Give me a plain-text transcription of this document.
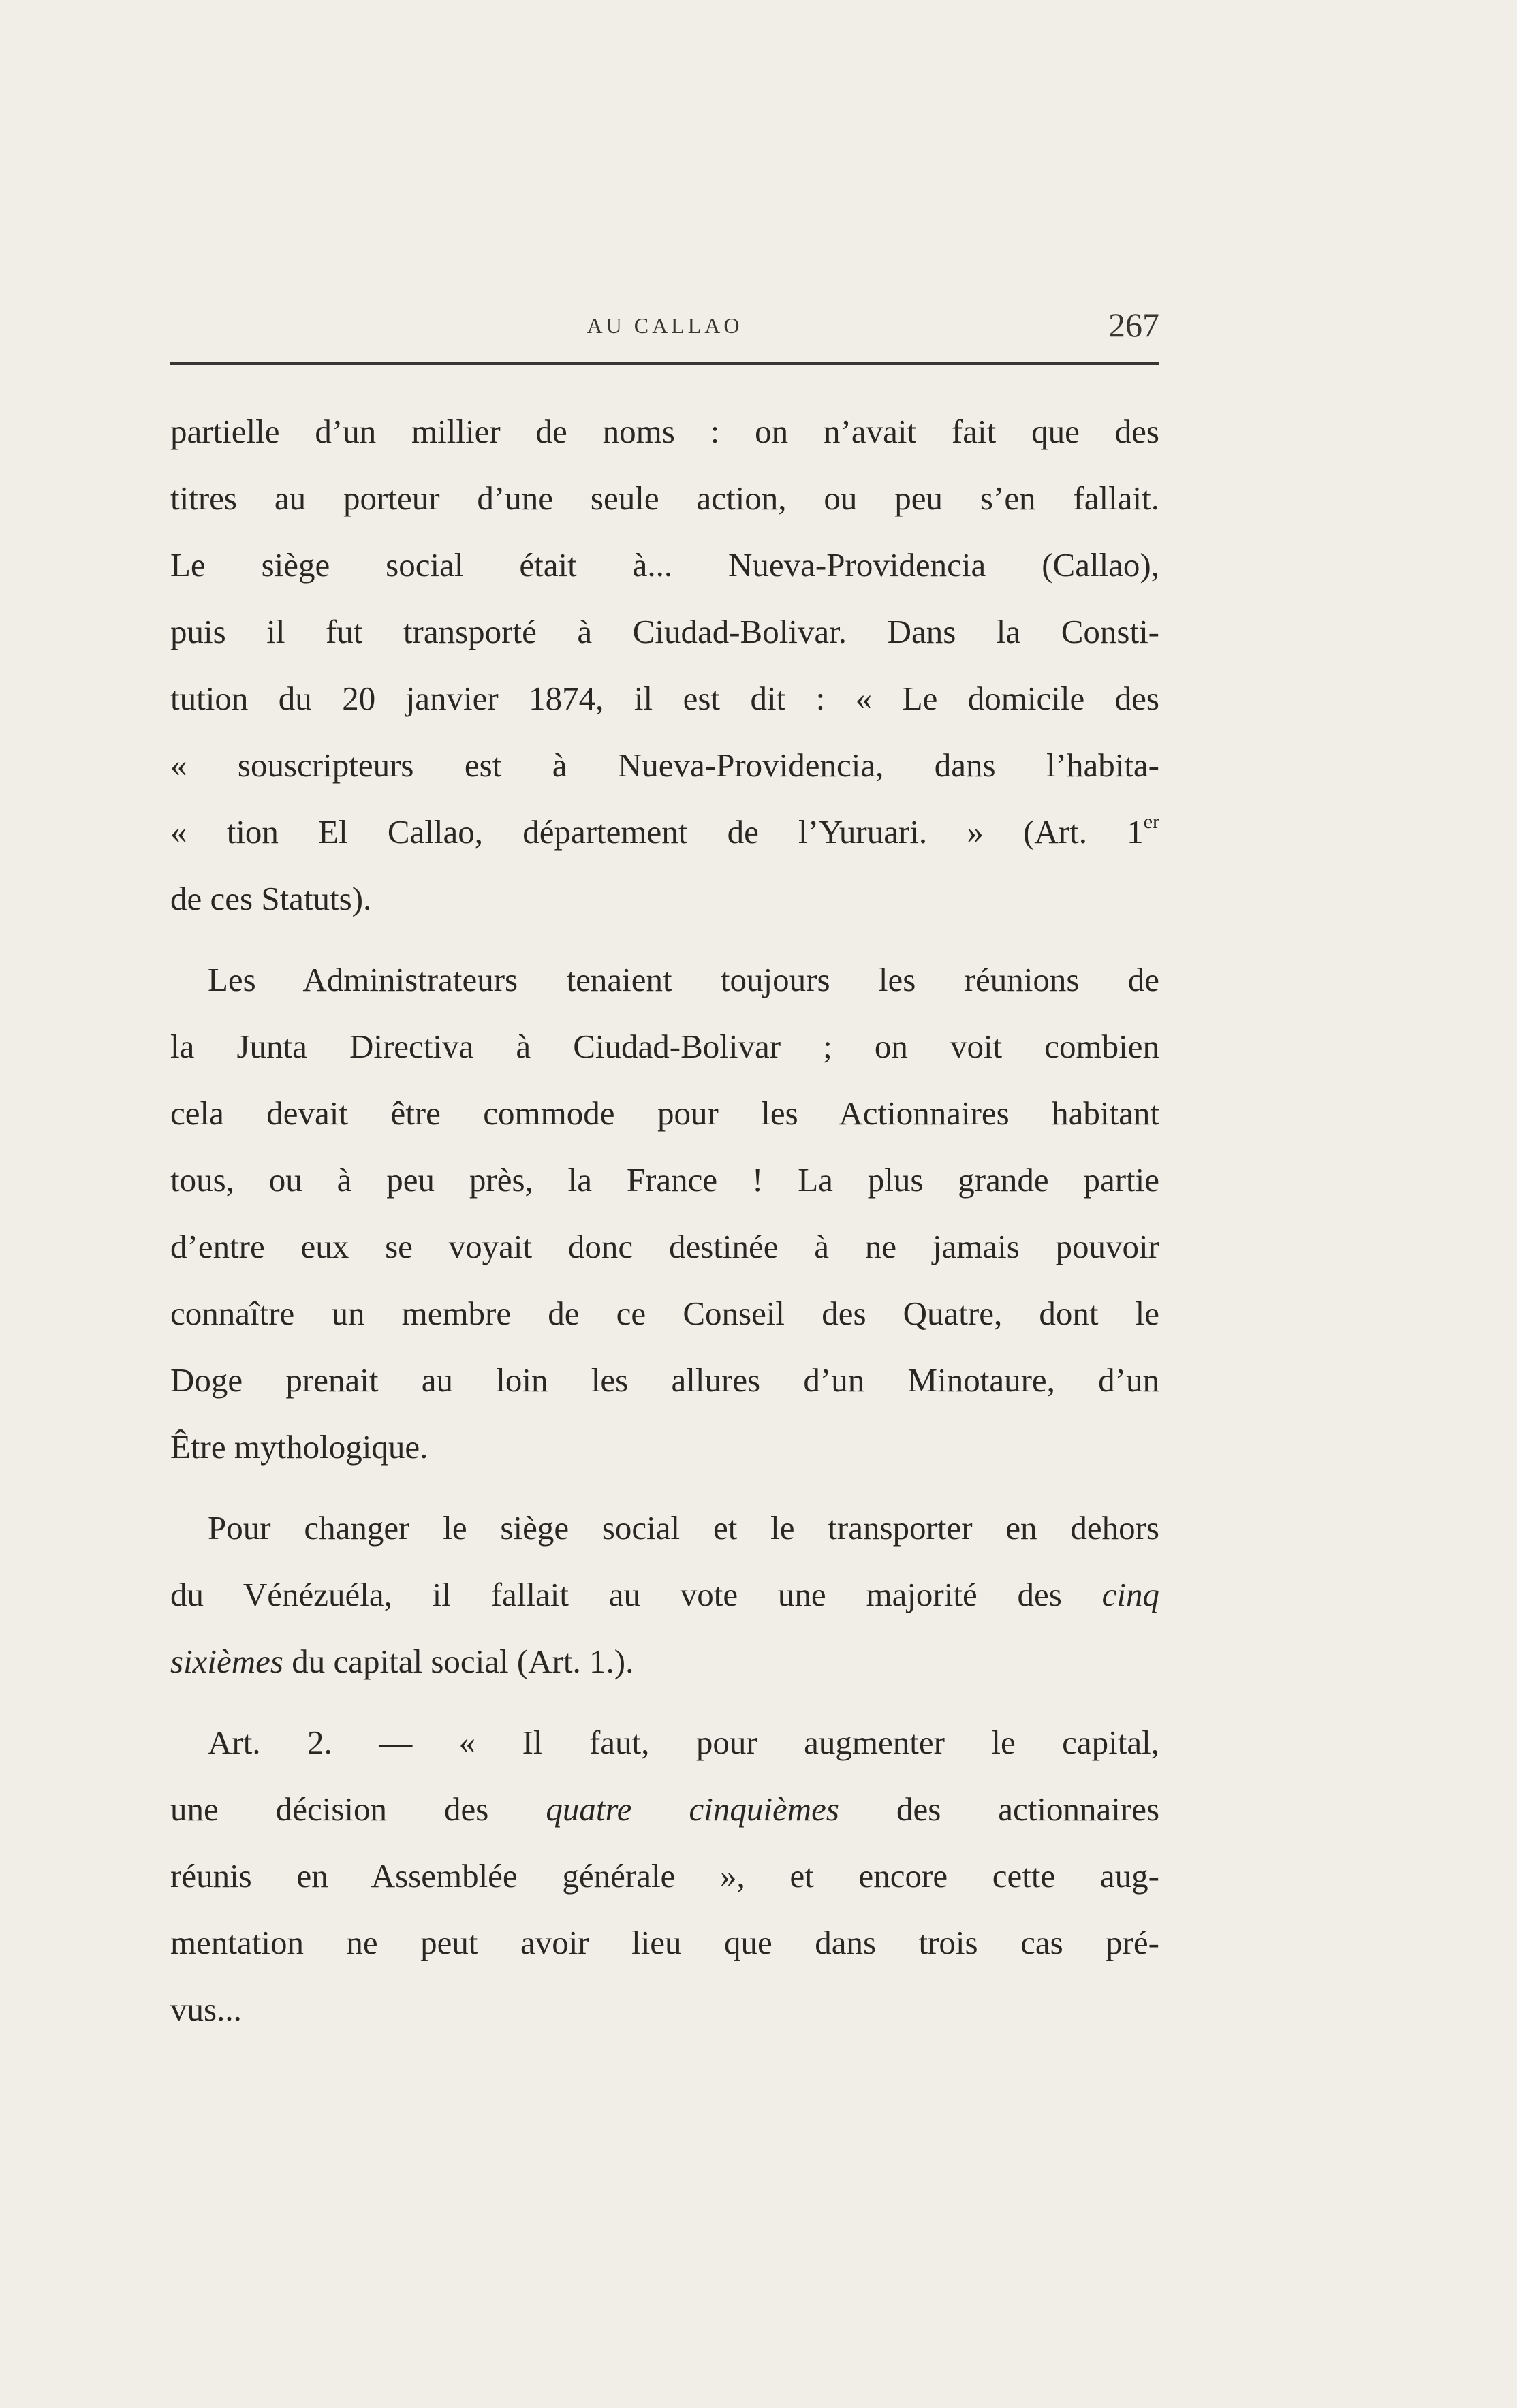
AU CALLAO	267
partielle d’un millier de noms : on n’avait fait que des
titres au porteur d’une seule action, ou peu s’en fallait.
Le siège social était à... Nueva-Providencia (Callao),
puis il fut transporté à Ciudad-Bolivar. Dans la Consti-
tution du 20 janvier 1874, il est dit : « Le domicile des
« souscripteurs est à Nueva-Providencia, dans l’habita-
« tion El Callao, département de l’Yuruari. » (Art. 1er
de ces Statuts).
Les Administrateurs tenaient toujours les réunions de
la Junta Directiva à Ciudad-Bolivar ; on voit combien
cela devait être commode pour les Actionnaires habitant
tous, ou à peu près, la France ! La plus grande partie
d’entre eux se voyait donc destinée à ne jamais pouvoir
connaître un membre de ce Conseil des Quatre, dont le
Doge prenait au loin les allures d’un Minotaure, d’un
Être mythologique.
Pour changer le siège social et le transporter en dehors
du Vénézuéla, il fallait au vote une majorité des cinq
sixièmes du capital social (Art. 1.).
Art. 2. — « Il faut, pour augmenter le capital,
une décision des quatre cinquièmes des actionnaires
réunis en Assemblée générale », et encore cette aug-
mentation ne peut avoir lieu que dans trois cas pré-
vus...
